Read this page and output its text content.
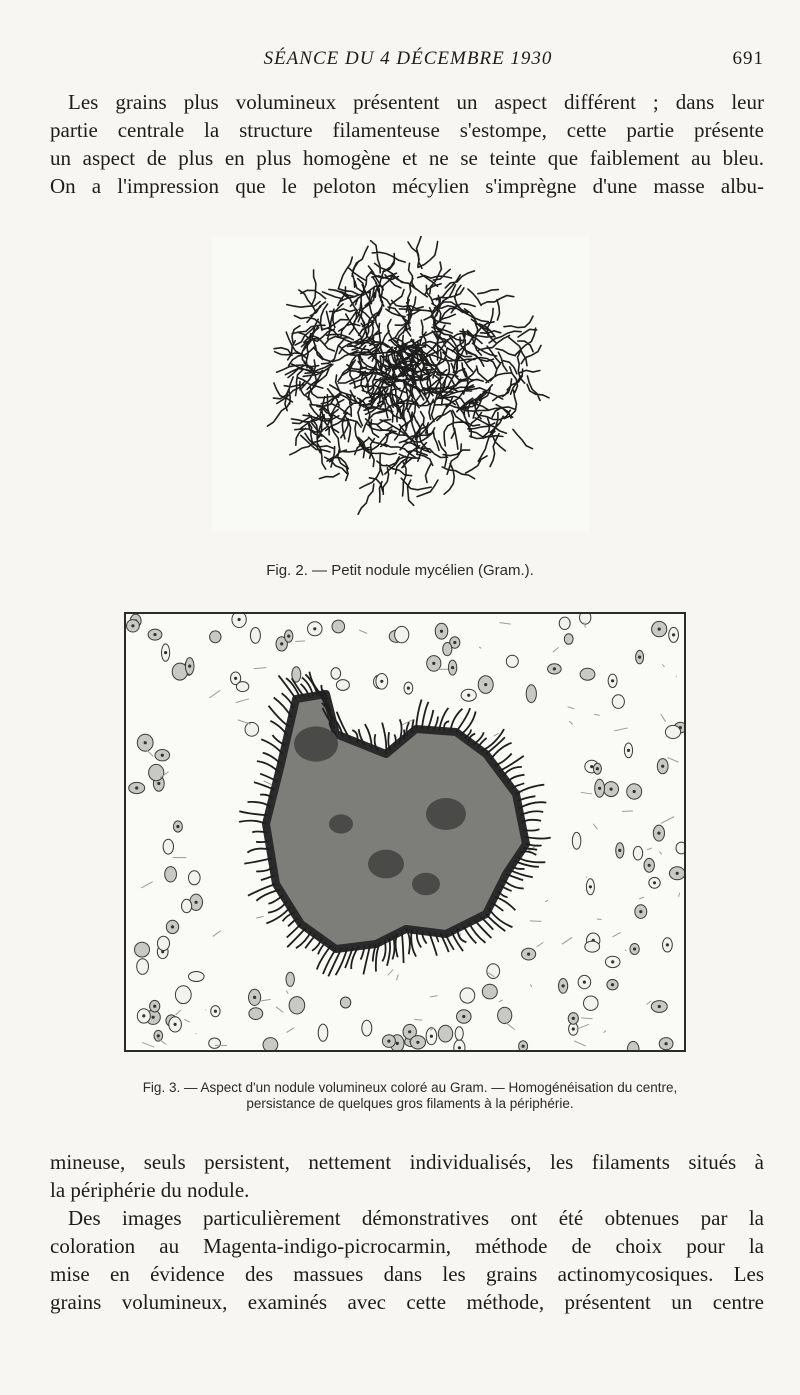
SÉANCE DU 4 DÉCEMBRE 1930	691
Les grains plus volumineux présentent un aspect différent ; dans leur
partie centrale la structure filamenteuse s'estompe, cette partie présente
un aspect de plus en plus homogène et ne se teinte que faiblement au bleu.
On a l'impression que le peloton mécylien s'imprègne d'une masse albu-
Fig. 2. — Petit nodule mycélien (Gram.).
Fig. 3. — Aspect d'un nodule volumineux coloré au Gram. — Homogénéisation du centre,
persistance de quelques gros filaments à la périphérie.
mineuse, seuls persistent, nettement individualisés, les filaments situés à
la périphérie du nodule.
Des images particulièrement démonstratives ont été obtenues par la
coloration au Magenta-indigo-picrocarmin, méthode de choix pour la
mise en évidence des massues dans les grains actinomycosiques. Les
grains volumineux, examinés avec cette méthode, présentent un centre
